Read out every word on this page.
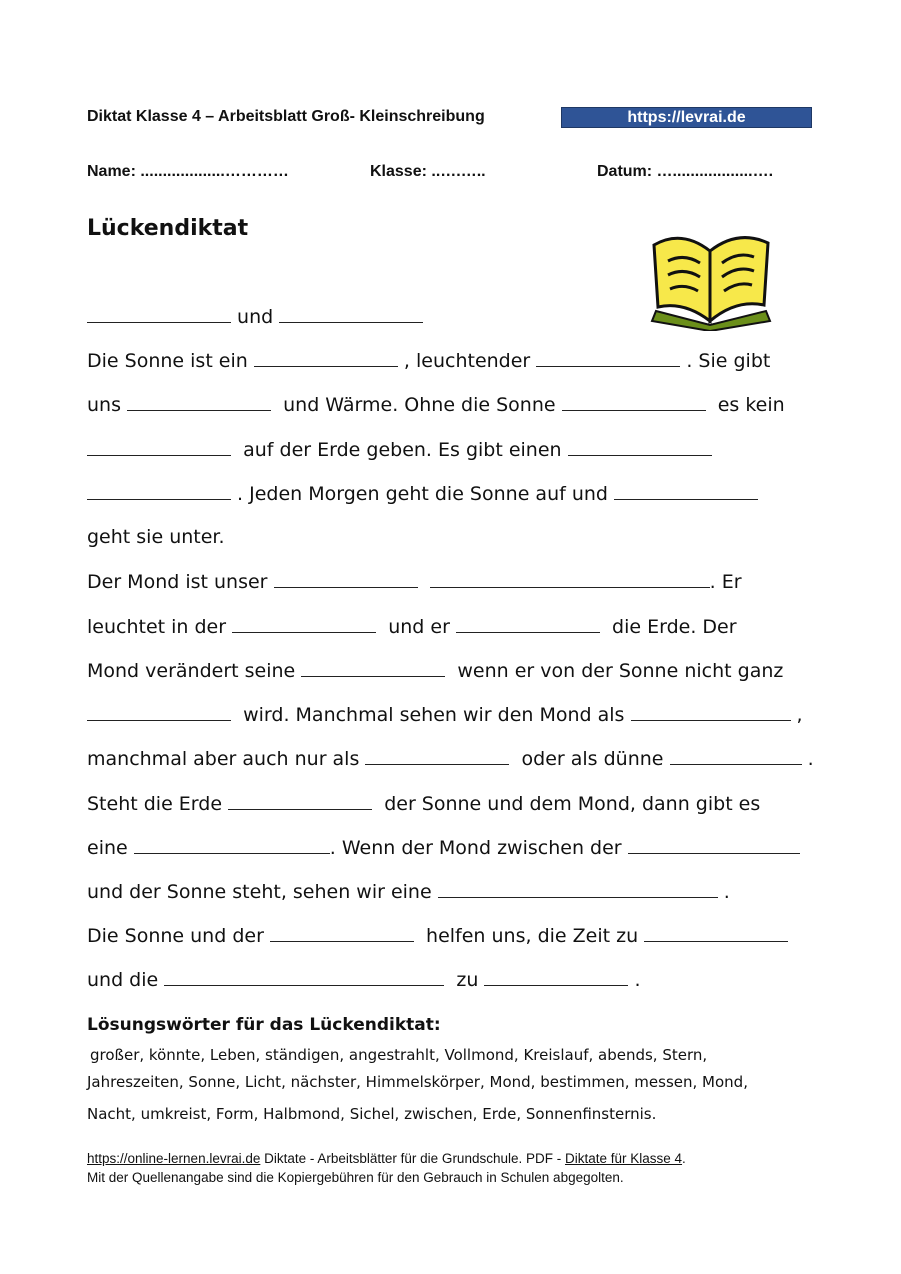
Diktat Klasse 4 – Arbeitsblatt Groß- Kleinschreibung	https://levrai.de
Name: ...................…………	Klasse: ..….…..	Datum: …..................….
Lückendiktat
und
Die Sonne ist ein	, leuchtender	. Sie gibt
uns	und Wärme. Ohne die Sonne	es kein
auf der Erde geben. Es gibt einen
. Jeden Morgen geht die Sonne auf und
geht sie unter.
Der Mond ist unser	. Er
leuchtet in der	und er	die Erde. Der
Mond verändert seine	wenn er von der Sonne nicht ganz
wird. Manchmal sehen wir den Mond als	,
manchmal aber auch nur als	oder als dünne	.
Steht die Erde	der Sonne und dem Mond, dann gibt es
eine	. Wenn der Mond zwischen der
und der Sonne steht, sehen wir eine	.
Die Sonne und der	helfen uns, die Zeit zu
und die	zu	.
Lösungswörter für das Lückendiktat:
großer, könnte, Leben, ständigen, angestrahlt, Vollmond, Kreislauf, abends, Stern,
Jahreszeiten, Sonne, Licht, nächster, Himmelskörper, Mond, bestimmen, messen, Mond,
Nacht, umkreist, Form, Halbmond, Sichel, zwischen, Erde, Sonnenfinsternis.
https://online-lernen.levrai.de Diktate - Arbeitsblätter für die Grundschule. PDF - Diktate für Klasse 4.
Mit der Quellenangabe sind die Kopiergebühren für den Gebrauch in Schulen abgegolten.
